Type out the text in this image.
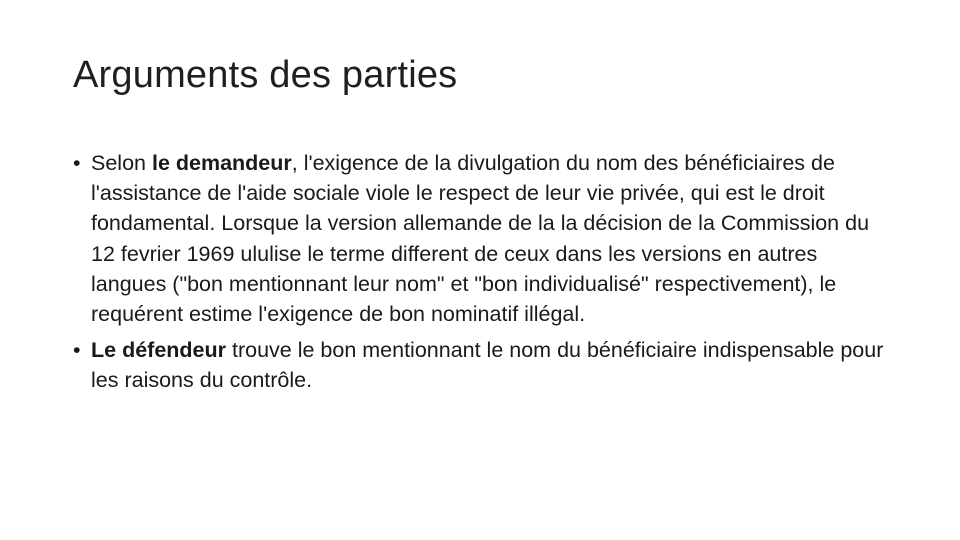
Arguments des parties
• Selon le demandeur, l'exigence de la divulgation du nom des bénéficiaires de l'assistance de l'aide sociale viole le respect de leur vie privée, qui est le droit fondamental. Lorsque la version allemande de la la décision de la Commission du 12 fevrier 1969 ululise le terme different de ceux dans les versions en autres langues ("bon mentionnant leur nom" et "bon individualisé" respectivement), le requérent estime l'exigence de bon nominatif illégal.
• Le défendeur trouve le bon mentionnant le nom du bénéficiaire indispensable pour les raisons du contrôle.
